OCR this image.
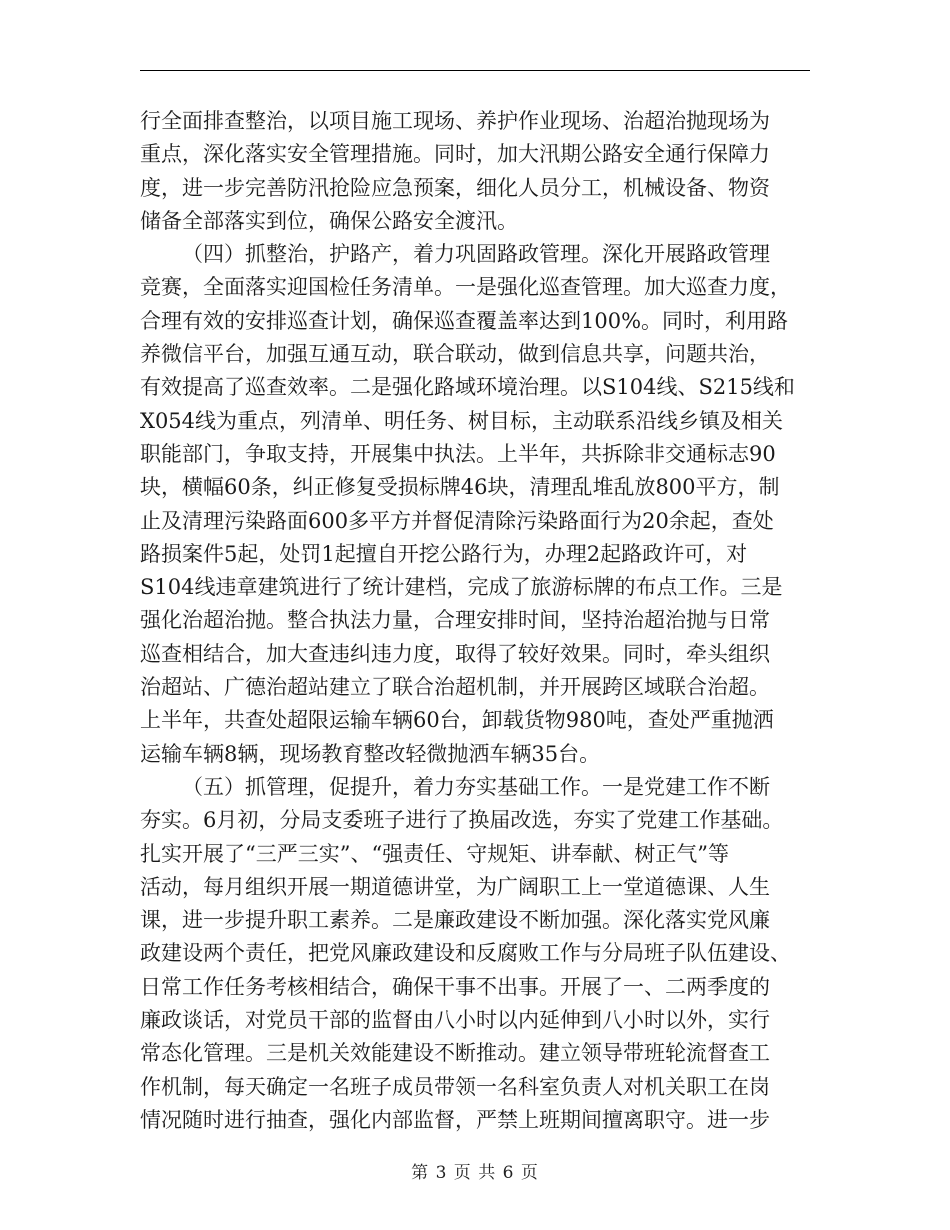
行全面排查整治，以项目施工现场、养护作业现场、治超治抛现场为
重点，深化落实安全管理措施。同时，加大汛期公路安全通行保障力
度，进一步完善防汛抢险应急预案，细化人员分工，机械设备、物资
储备全部落实到位，确保公路安全渡汛。
（四）抓整治，护路产，着力巩固路政管理。深化开展路政管理
竞赛，全面落实迎国检任务清单。一是强化巡查管理。加大巡查力度，
合理有效的安排巡查计划，确保巡查覆盖率达到100%。同时，利用路
养微信平台，加强互通互动，联合联动，做到信息共享，问题共治，
有效提高了巡查效率。二是强化路域环境治理。以S104线、S215线和
X054线为重点，列清单、明任务、树目标，主动联系沿线乡镇及相关
职能部门，争取支持，开展集中执法。上半年，共拆除非交通标志90
块，横幅60条，纠正修复受损标牌46块，清理乱堆乱放800平方，制
止及清理污染路面600多平方并督促清除污染路面行为20余起，查处
路损案件5起，处罚1起擅自开挖公路行为，办理2起路政许可，对
S104线违章建筑进行了统计建档，完成了旅游标牌的布点工作。三是
强化治超治抛。整合执法力量，合理安排时间，坚持治超治抛与日常
巡查相结合，加大查违纠违力度，取得了较好效果。同时，牵头组织
治超站、广德治超站建立了联合治超机制，并开展跨区域联合治超。
上半年，共查处超限运输车辆60台，卸载货物980吨，查处严重抛洒
运输车辆8辆，现场教育整改轻微抛洒车辆35台。
（五）抓管理，促提升，着力夯实基础工作。一是党建工作不断
夯实。6月初，分局支委班子进行了换届改选，夯实了党建工作基础。
扎实开展了“三严三实”、“强责任、守规矩、讲奉献、树正气”等
活动，每月组织开展一期道德讲堂，为广阔职工上一堂道德课、人生
课，进一步提升职工素养。二是廉政建设不断加强。深化落实党风廉
政建设两个责任，把党风廉政建设和反腐败工作与分局班子队伍建设、
日常工作任务考核相结合，确保干事不出事。开展了一、二两季度的
廉政谈话，对党员干部的监督由八小时以内延伸到八小时以外，实行
常态化管理。三是机关效能建设不断推动。建立领导带班轮流督查工
作机制，每天确定一名班子成员带领一名科室负责人对机关职工在岗
情况随时进行抽查，强化内部监督，严禁上班期间擅离职守。进一步
第 3 页 共 6 页
